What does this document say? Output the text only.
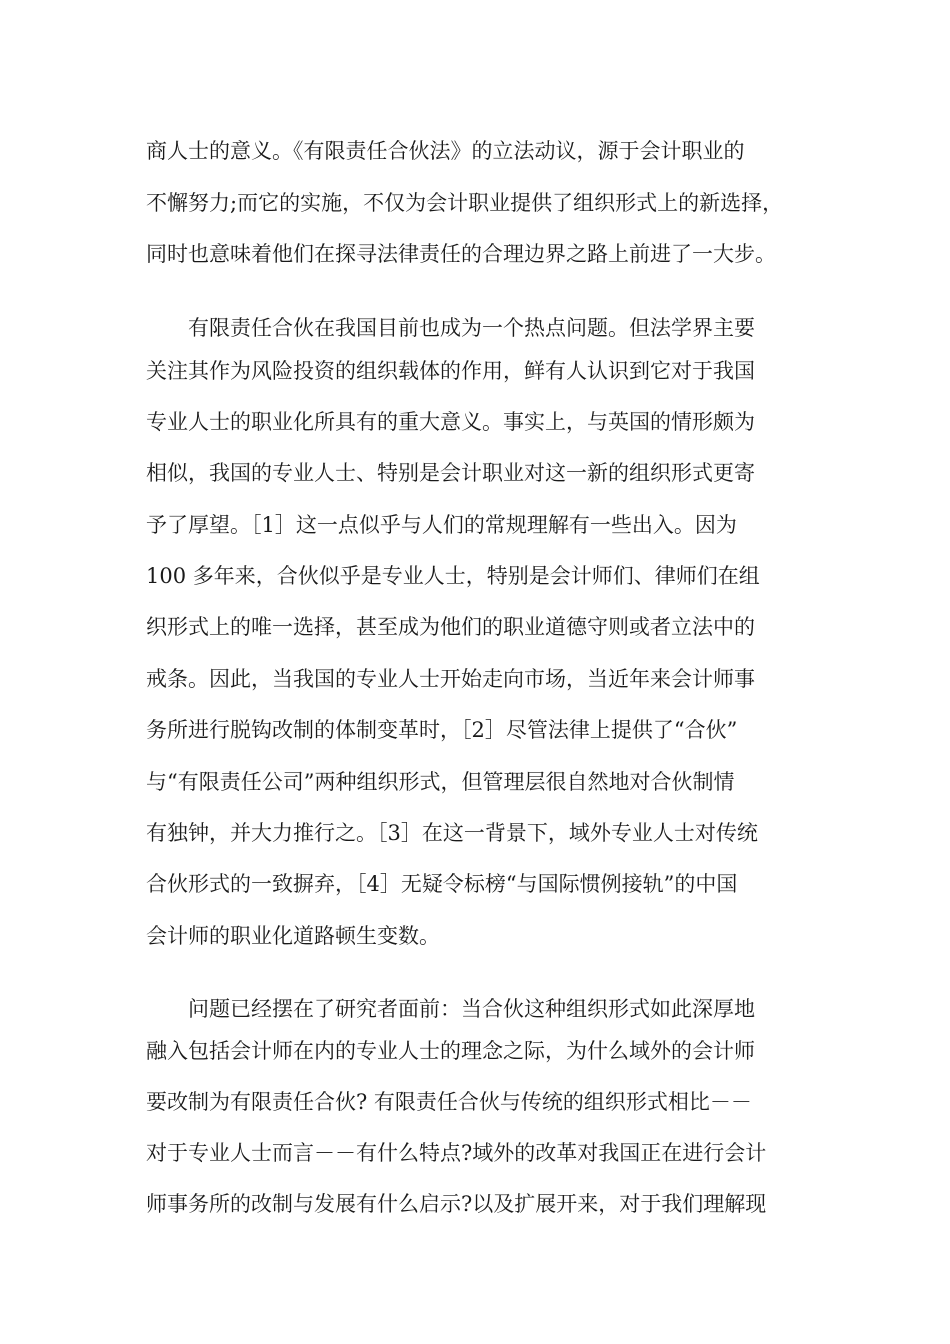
商人士的意义。《有限责任合伙法》的立法动议，源于会计职业的
不懈努力;而它的实施，不仅为会计职业提供了组织形式上的新选择，
同时也意味着他们在探寻法律责任的合理边界之路上前进了一大步。
有限责任合伙在我国目前也成为一个热点问题。但法学界主要
关注其作为风险投资的组织载体的作用，鲜有人认识到它对于我国
专业人士的职业化所具有的重大意义。事实上，与英国的情形颇为
相似，我国的专业人士、特别是会计职业对这一新的组织形式更寄
予了厚望。［1］这一点似乎与人们的常规理解有一些出入。因为
100 多年来，合伙似乎是专业人士，特别是会计师们、律师们在组
织形式上的唯一选择，甚至成为他们的职业道德守则或者立法中的
戒条。因此，当我国的专业人士开始走向市场，当近年来会计师事
务所进行脱钩改制的体制变革时，［2］尽管法律上提供了“合伙”
与“有限责任公司”两种组织形式，但管理层很自然地对合伙制情
有独钟，并大力推行之。［3］在这一背景下，域外专业人士对传统
合伙形式的一致摒弃，［4］无疑令标榜“与国际惯例接轨”的中国
会计师的职业化道路顿生变数。
问题已经摆在了研究者面前：当合伙这种组织形式如此深厚地
融入包括会计师在内的专业人士的理念之际，为什么域外的会计师
要改制为有限责任合伙? 有限责任合伙与传统的组织形式相比－－
对于专业人士而言－－有什么特点?域外的改革对我国正在进行会计
师事务所的改制与发展有什么启示?以及扩展开来，对于我们理解现
